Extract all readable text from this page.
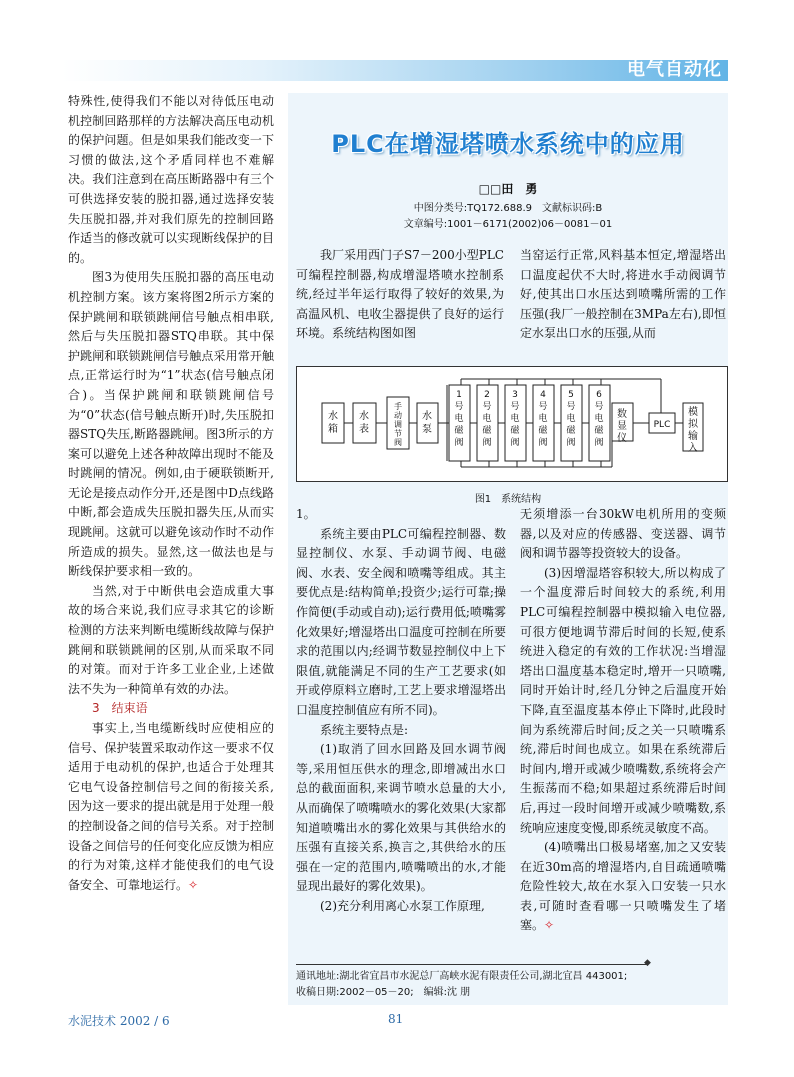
电气自动化

特殊性,使得我们不能以对待低压电动机控制回路那样的方法解决高压电动机的保护问题。但是如果我们能改变一下习惯的做法,这个矛盾同样也不难解决。我们注意到在高压断路器中有三个可供选择安装的脱扣器,通过选择安装失压脱扣器,并对我们原先的控制回路作适当的修改就可以实现断线保护的目的。

图3为使用失压脱扣器的高压电动机控制方案。该方案将图2所示方案的保护跳闸和联锁跳闸信号触点相串联,然后与失压脱扣器STQ串联。其中保护跳闸和联锁跳闸信号触点采用常开触点,正常运行时为“1”状态(信号触点闭合)。当保护跳闸和联锁跳闸信号为“0”状态(信号触点断开)时,失压脱扣器STQ失压,断路器跳闸。图3所示的方案可以避免上述各种故障出现时不能及时跳闸的情况。例如,由于硬联锁断开,无论是接点动作分开,还是图中D点线路中断,都会造成失压脱扣器失压,从而实现跳闸。这就可以避免该动作时不动作所造成的损失。显然,这一做法也是与断线保护要求相一致的。

当然,对于中断供电会造成重大事故的场合来说,我们应寻求其它的诊断检测的方法来判断电缆断线故障与保护跳闸和联锁跳闸的区别,从而采取不同的对策。而对于许多工业企业,上述做法不失为一种简单有效的办法。

3　结束语

事实上,当电缆断线时应使相应的信号、保护装置采取动作这一要求不仅适用于电动机的保护,也适合于处理其它电气设备控制信号之间的衔接关系,因为这一要求的提出就是用于处理一般的控制设备之间的信号关系。对于控制设备之间信号的任何变化应反馈为相应的行为对策,这样才能使我们的电气设备安全、可靠地运行。✧

PLC在增湿塔喷水系统中的应用
□□田　勇
中图分类号:TQ172.688.9　文献标识码:B
文章编号:1001－6171(2002)06－0081－01

我厂采用西门子S7－200小型PLC可编程控制器,构成增湿塔喷水控制系统,经过半年运行取得了较好的效果,为高温风机、电收尘器提供了良好的运行环境。系统结构图如图

当窑运行正常,风料基本恒定,增湿塔出口温度起伏不大时,将进水手动阀调节好,使其出口水压达到喷嘴所需的工作压强(我厂一般控制在3MPa左右),即恒定水泵出口水的压强,从而

水箱
水表
手动调节阀
水泵
1 号电磁阀
2 号电磁阀
3 号电磁阀
4 号电磁阀
5 号电磁阀
6 号电磁阀
数显仪
PLC
模拟输入
图1　系统结构

1。

系统主要由PLC可编程控制器、数显控制仪、水泵、手动调节阀、电磁阀、水表、安全阀和喷嘴等组成。其主要优点是:结构简单;投资少;运行可靠;操作简便(手动或自动);运行费用低;喷嘴雾化效果好;增湿塔出口温度可控制在所要求的范围以内;经调节数显控制仪中上下限值,就能满足不同的生产工艺要求(如开或停原料立磨时,工艺上要求增湿塔出口温度控制值应有所不同)。

系统主要特点是:

(1)取消了回水回路及回水调节阀等,采用恒压供水的理念,即增减出水口总的截面面积,来调节喷水总量的大小,从而确保了喷嘴喷水的雾化效果(大家都知道喷嘴出水的雾化效果与其供给水的压强有直接关系,换言之,其供给水的压强在一定的范围内,喷嘴喷出的水,才能显现出最好的雾化效果)。

(2)充分利用离心水泵工作原理,

无须增添一台30kW电机所用的变频器,以及对应的传感器、变送器、调节阀和调节器等投资较大的设备。

(3)因增湿塔容积较大,所以构成了一个温度滞后时间较大的系统,利用PLC可编程控制器中模拟输入电位器,可很方便地调节滞后时间的长短,使系统进入稳定的有效的工作状况:当增湿塔出口温度基本稳定时,增开一只喷嘴,同时开始计时,经几分钟之后温度开始下降,直至温度基本停止下降时,此段时间为系统滞后时间;反之关一只喷嘴系统,滞后时间也成立。如果在系统滞后时间内,增开或减少喷嘴数,系统将会产生振荡而不稳;如果超过系统滞后时间后,再过一段时间增开或减少喷嘴数,系统响应速度变慢,即系统灵敏度不高。

(4)喷嘴出口极易堵塞,加之又安装在近30m高的增湿塔内,自目疏通喷嘴危险性较大,故在水泵入口安装一只水表,可随时查看哪一只喷嘴发生了堵塞。✧

◆
通讯地址:湖北省宜昌市水泥总厂高峡水泥有限责任公司,湖北宜昌 443001;
收稿日期:2002－05－20;　编辑:沈 朋
水泥技术 2002 / 6	81
